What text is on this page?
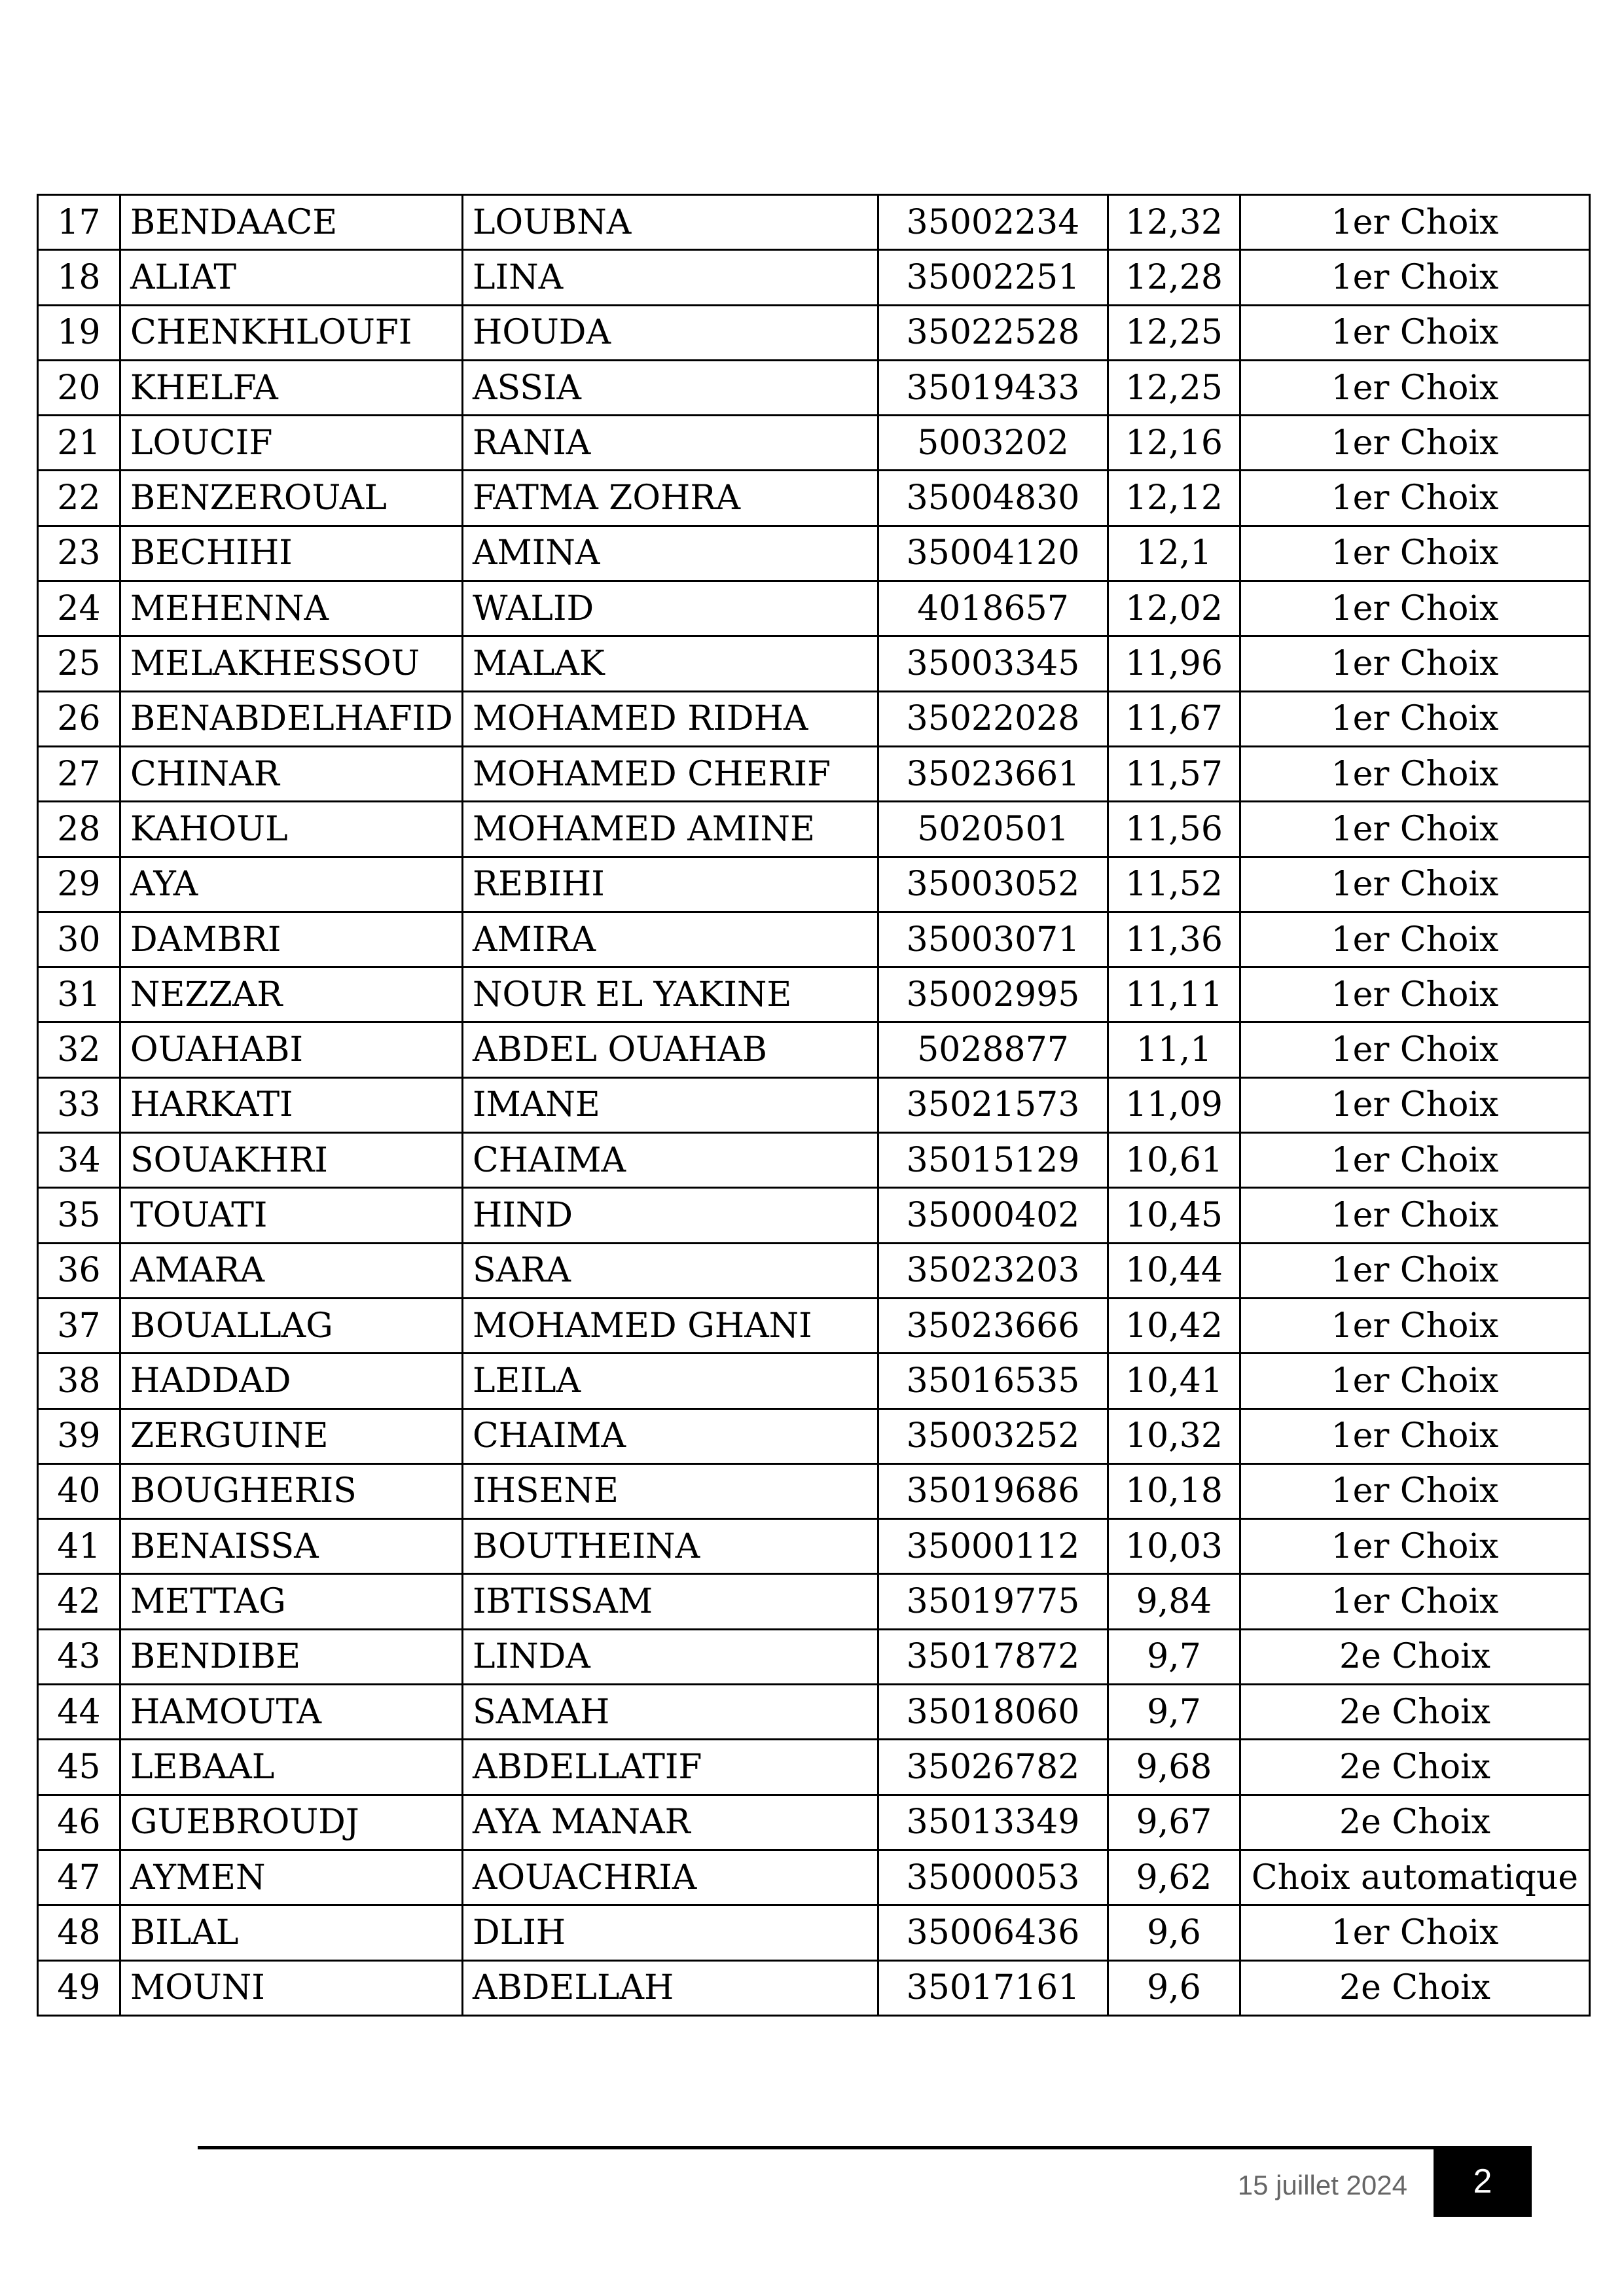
17	BENDAACE	LOUBNA	35002234	12,32	1er Choix
18	ALIAT	LINA	35002251	12,28	1er Choix
19	CHENKHLOUFI	HOUDA	35022528	12,25	1er Choix
20	KHELFA	ASSIA	35019433	12,25	1er Choix
21	LOUCIF	RANIA	5003202	12,16	1er Choix
22	BENZEROUAL	FATMA ZOHRA	35004830	12,12	1er Choix
23	BECHIHI	AMINA	35004120	12,1	1er Choix
24	MEHENNA	WALID	4018657	12,02	1er Choix
25	MELAKHESSOU	MALAK	35003345	11,96	1er Choix
26	BENABDELHAFID	MOHAMED RIDHA	35022028	11,67	1er Choix
27	CHINAR	MOHAMED CHERIF	35023661	11,57	1er Choix
28	KAHOUL	MOHAMED AMINE	5020501	11,56	1er Choix
29	AYA	REBIHI	35003052	11,52	1er Choix
30	DAMBRI	AMIRA	35003071	11,36	1er Choix
31	NEZZAR	NOUR EL YAKINE	35002995	11,11	1er Choix
32	OUAHABI	ABDEL OUAHAB	5028877	11,1	1er Choix
33	HARKATI	IMANE	35021573	11,09	1er Choix
34	SOUAKHRI	CHAIMA	35015129	10,61	1er Choix
35	TOUATI	HIND	35000402	10,45	1er Choix
36	AMARA	SARA	35023203	10,44	1er Choix
37	BOUALLAG	MOHAMED GHANI	35023666	10,42	1er Choix
38	HADDAD	LEILA	35016535	10,41	1er Choix
39	ZERGUINE	CHAIMA	35003252	10,32	1er Choix
40	BOUGHERIS	IHSENE	35019686	10,18	1er Choix
41	BENAISSA	BOUTHEINA	35000112	10,03	1er Choix
42	METTAG	IBTISSAM	35019775	9,84	1er Choix
43	BENDIBE	LINDA	35017872	9,7	2e Choix
44	HAMOUTA	SAMAH	35018060	9,7	2e Choix
45	LEBAAL	ABDELLATIF	35026782	9,68	2e Choix
46	GUEBROUDJ	AYA MANAR	35013349	9,67	2e Choix
47	AYMEN	AOUACHRIA	35000053	9,62	Choix automatique
48	BILAL	DLIH	35006436	9,6	1er Choix
49	MOUNI	ABDELLAH	35017161	9,6	2e Choix
15 juillet 2024	2
